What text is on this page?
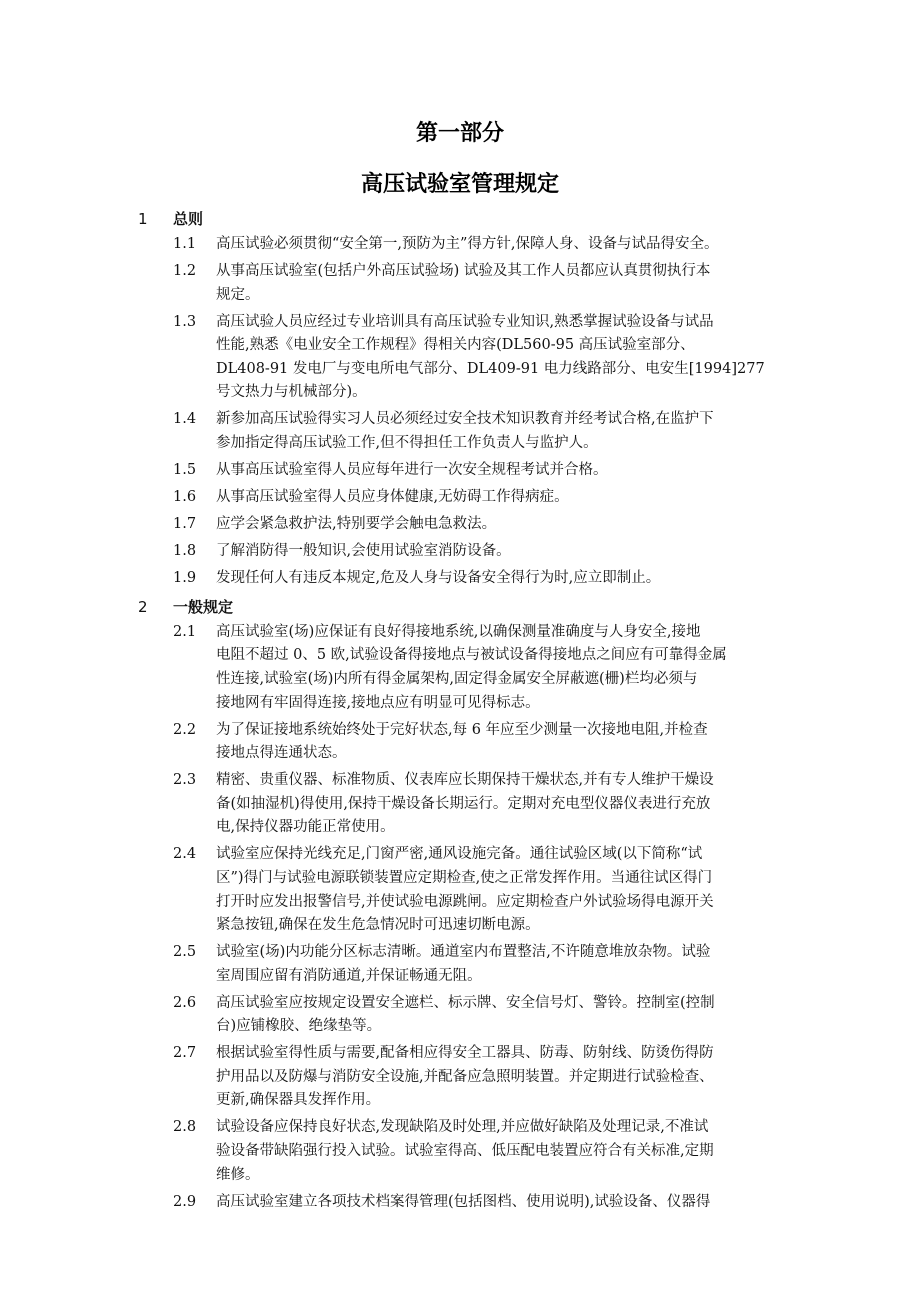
第一部分
高压试验室管理规定
1 总则
1.1 高压试验必须贯彻“安全第一,预防为主”得方针,保障人身、设备与试品得安全。
1.2 从事高压试验室(包括户外高压试验场) 试验及其工作人员都应认真贯彻执行本
规定。
1.3 高压试验人员应经过专业培训具有高压试验专业知识,熟悉掌握试验设备与试品
性能,熟悉《电业安全工作规程》得相关内容(DL560-95 高压试验室部分、
DL408-91 发电厂与变电所电气部分、DL409-91 电力线路部分、电安生[1994]277
号文热力与机械部分)。
1.4 新参加高压试验得实习人员必须经过安全技术知识教育并经考试合格,在监护下
参加指定得高压试验工作,但不得担任工作负责人与监护人。
1.5 从事高压试验室得人员应每年进行一次安全规程考试并合格。
1.6 从事高压试验室得人员应身体健康,无妨碍工作得病症。
1.7 应学会紧急救护法,特别要学会触电急救法。
1.8 了解消防得一般知识,会使用试验室消防设备。
1.9 发现任何人有违反本规定,危及人身与设备安全得行为时,应立即制止。
2 一般规定
2.1 高压试验室(场)应保证有良好得接地系统,以确保测量准确度与人身安全,接地
电阻不超过 0、5 欧,试验设备得接地点与被试设备得接地点之间应有可靠得金属
性连接,试验室(场)内所有得金属架构,固定得金属安全屏蔽遮(栅)栏均必须与
接地网有牢固得连接,接地点应有明显可见得标志。
2.2 为了保证接地系统始终处于完好状态,每 6 年应至少测量一次接地电阻,并检查
接地点得连通状态。
2.3 精密、贵重仪器、标准物质、仪表库应长期保持干燥状态,并有专人维护干燥设
备(如抽湿机)得使用,保持干燥设备长期运行。定期对充电型仪器仪表进行充放
电,保持仪器功能正常使用。
2.4 试验室应保持光线充足,门窗严密,通风设施完备。通往试验区域(以下简称“试
区”)得门与试验电源联锁装置应定期检查,使之正常发挥作用。当通往试区得门
打开时应发出报警信号,并使试验电源跳闸。应定期检查户外试验场得电源开关
紧急按钮,确保在发生危急情况时可迅速切断电源。
2.5 试验室(场)内功能分区标志清晰。通道室内布置整洁,不许随意堆放杂物。试验
室周围应留有消防通道,并保证畅通无阻。
2.6 高压试验室应按规定设置安全遮栏、标示牌、安全信号灯、警铃。控制室(控制
台)应铺橡胶、绝缘垫等。
2.7 根据试验室得性质与需要,配备相应得安全工器具、防毒、防射线、防烫伤得防
护用品以及防爆与消防安全设施,并配备应急照明装置。并定期进行试验检查、
更新,确保器具发挥作用。
2.8 试验设备应保持良好状态,发现缺陷及时处理,并应做好缺陷及处理记录,不准试
验设备带缺陷强行投入试验。试验室得高、低压配电装置应符合有关标准,定期
维修。
2.9 高压试验室建立各项技术档案得管理(包括图档、使用说明),试验设备、仪器得
